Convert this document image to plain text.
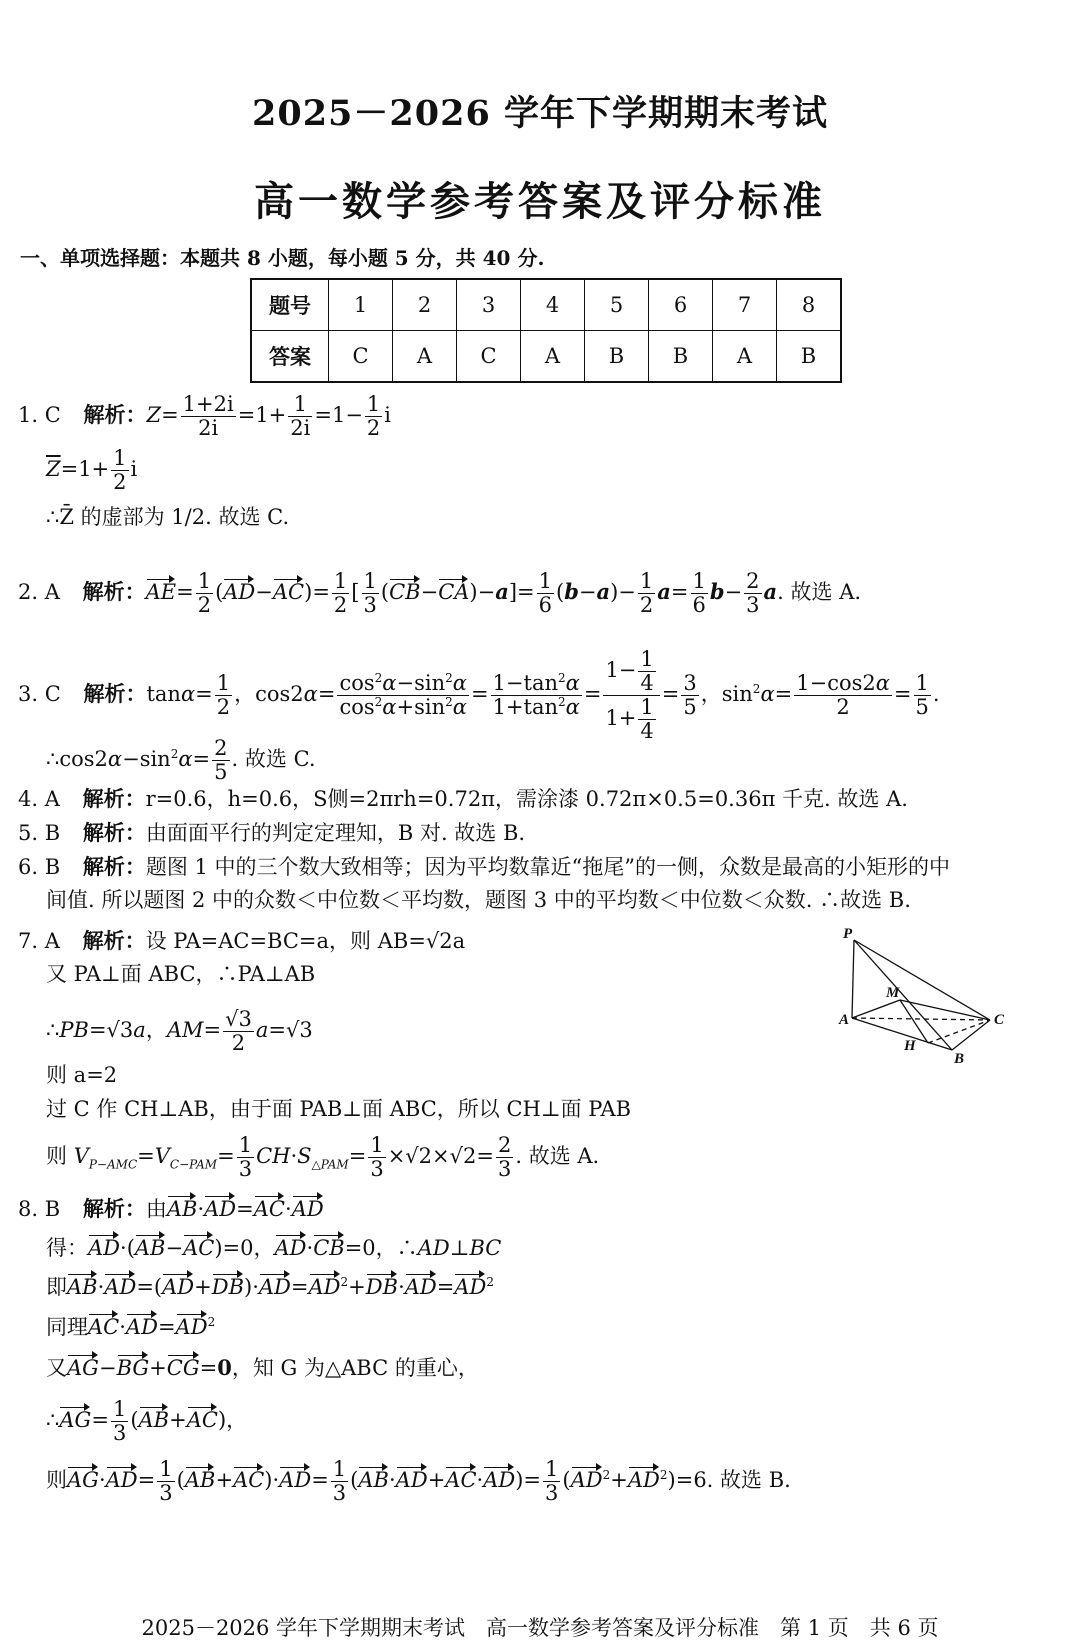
2025－2026 学年下学期期末考试
高一数学参考答案及评分标准
一、单项选择题：本题共 8 小题，每小题 5 分，共 40 分.
题号	1	2	3	4	5	6	7	8
答案	C	A	C	A	B	B	A	B
1. C 解析：$Z= \frac{1+2i}{2i} =1+ \frac{1}{2i} =1- \frac{1}{2}$ i
$\overline{Z}=1+ \frac{1}{2}$ i
∴Z̄ 的虚部为 1/2. 故选 C.
2. A 解析：$AE= \frac{1}{2} (AD-AC)= \frac{1}{2}$ [ $\frac{1}{3} (CB-CA)-a]= \frac{1}{6} (b-a)- \frac{1}{2} a= \frac{1}{6} b- \frac{2}{3} a$. 故选 A.
3. C 解析：$\tan\alpha= \frac{1}{2}$ ，$\cos 2\alpha= \frac{\cos^2\alpha-\sin^2\alpha}{\cos^2\alpha+\sin^2\alpha} = \frac{1-\tan^2\alpha}{1+\tan^2\alpha} = \frac{1- \frac{1}{4}}{1+ \frac{1}{4}} = \frac{3}{5}$ ，$\sin^2\alpha= \frac{1-\cos 2\alpha}{2} = \frac{1}{5}$ .
$\therefore\cos 2\alpha-\sin^2\alpha= \frac{2}{5}$ . 故选 C.
4. A 解析：r=0.6，h=0.6，S侧=2πrh=0.72π，需涂漆 0.72π×0.5=0.36π 千克. 故选 A.
5. B 解析：由面面平行的判定定理知，B 对. 故选 B.
6. B 解析：题图 1 中的三个数大致相等；因为平均数靠近“拖尾”的一侧，众数是最高的小矩形的中
间值. 所以题图 2 中的众数＜中位数＜平均数，题图 3 中的平均数＜中位数＜众数. ∴故选 B.
7. A 解析：设 PA=AC=BC=a，则 AB=√2a
又 PA⊥面 ABC，∴PA⊥AB
∴PB=√3a，$AM= \frac{√3}{2} a=√3$
则 a=2
过 C 作 CH⊥AB，由于面 PAB⊥面 ABC，所以 CH⊥面 PAB
则 $V_{P-AMC}=V_{C-PAM}= \frac{1}{3} CH\cdot S_{\triangle PAM}= \frac{1}{3} \times√2\times√2= \frac{2}{3}$ . 故选 A.
P
M
A	C
H
B
8. B 解析：由AB·AD=AC·AD
得：AD·(AB−AC)=0，AD·CB=0，∴AD⊥BC
即$AB\cdot AD=(AD+DB)\cdot AD=AD^2+DB\cdot AD=AD^2$
同理$AC\cdot AD=AD^2$
又AG−BG+CG=0，知 G 为△ABC 的重心，
∴AG= $\frac{1}{3} (AB+AC)$，
则$AG\cdot AD= \frac{1}{3} (AB+AC)\cdot AD= \frac{1}{3} (AB\cdot AD+AC\cdot AD)= \frac{1}{3} (AD^2+AD^2)=6$. 故选 B.
2025－2026 学年下学期期末考试　高一数学参考答案及评分标准　第 1 页　共 6 页
